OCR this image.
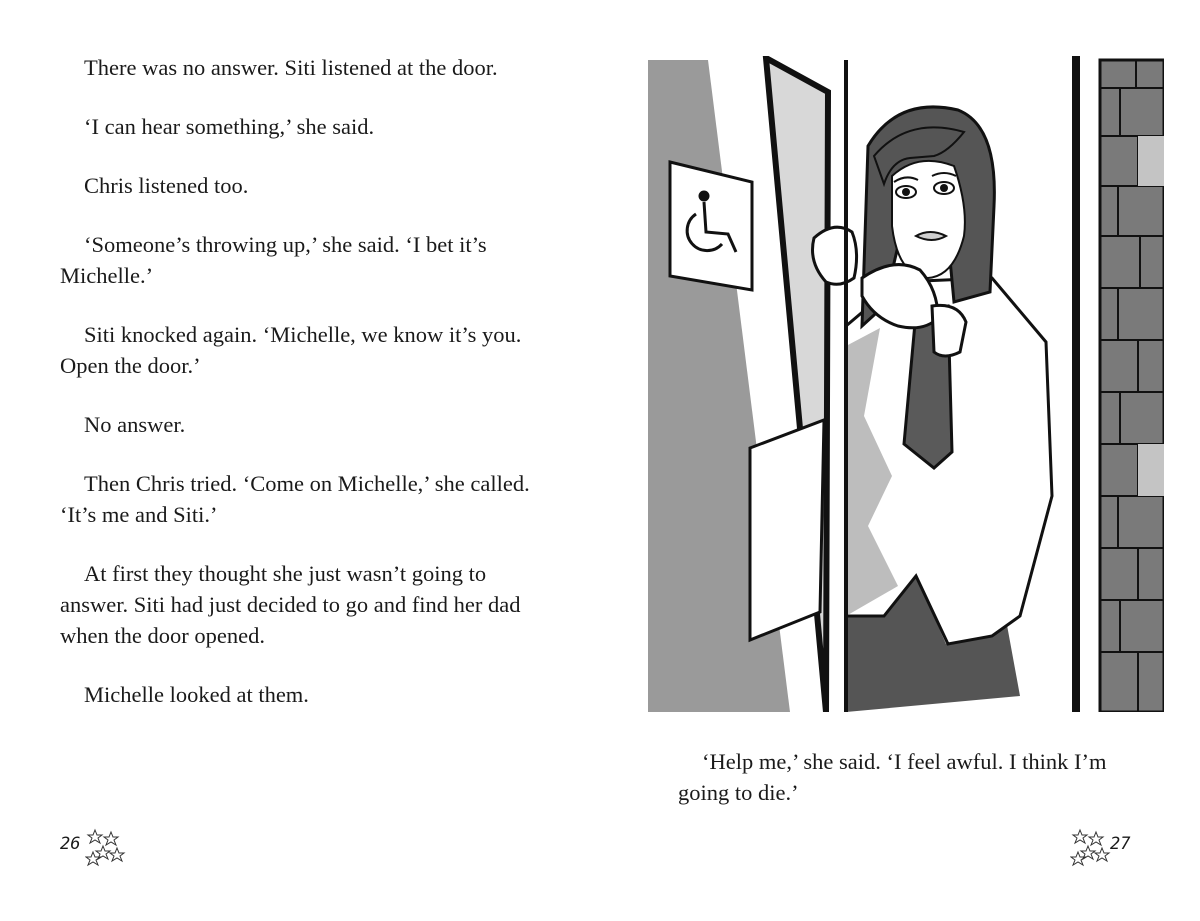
There was no answer. Siti listened at the door.

‘I can hear something,’ she said.

Chris listened too.

‘Someone’s throwing up,’ she said. ‘I bet it’s Michelle.’

Siti knocked again. ‘Michelle, we know it’s you. Open the door.’

No answer.

Then Chris tried. ‘Come on Michelle,’ she called. ‘It’s me and Siti.’

At first they thought she just wasn’t going to answer. Siti had just decided to go and find her dad when the door opened.

Michelle looked at them.

26

‘Help me,’ she said. ‘I feel awful. I think I’m going to die.’

27
